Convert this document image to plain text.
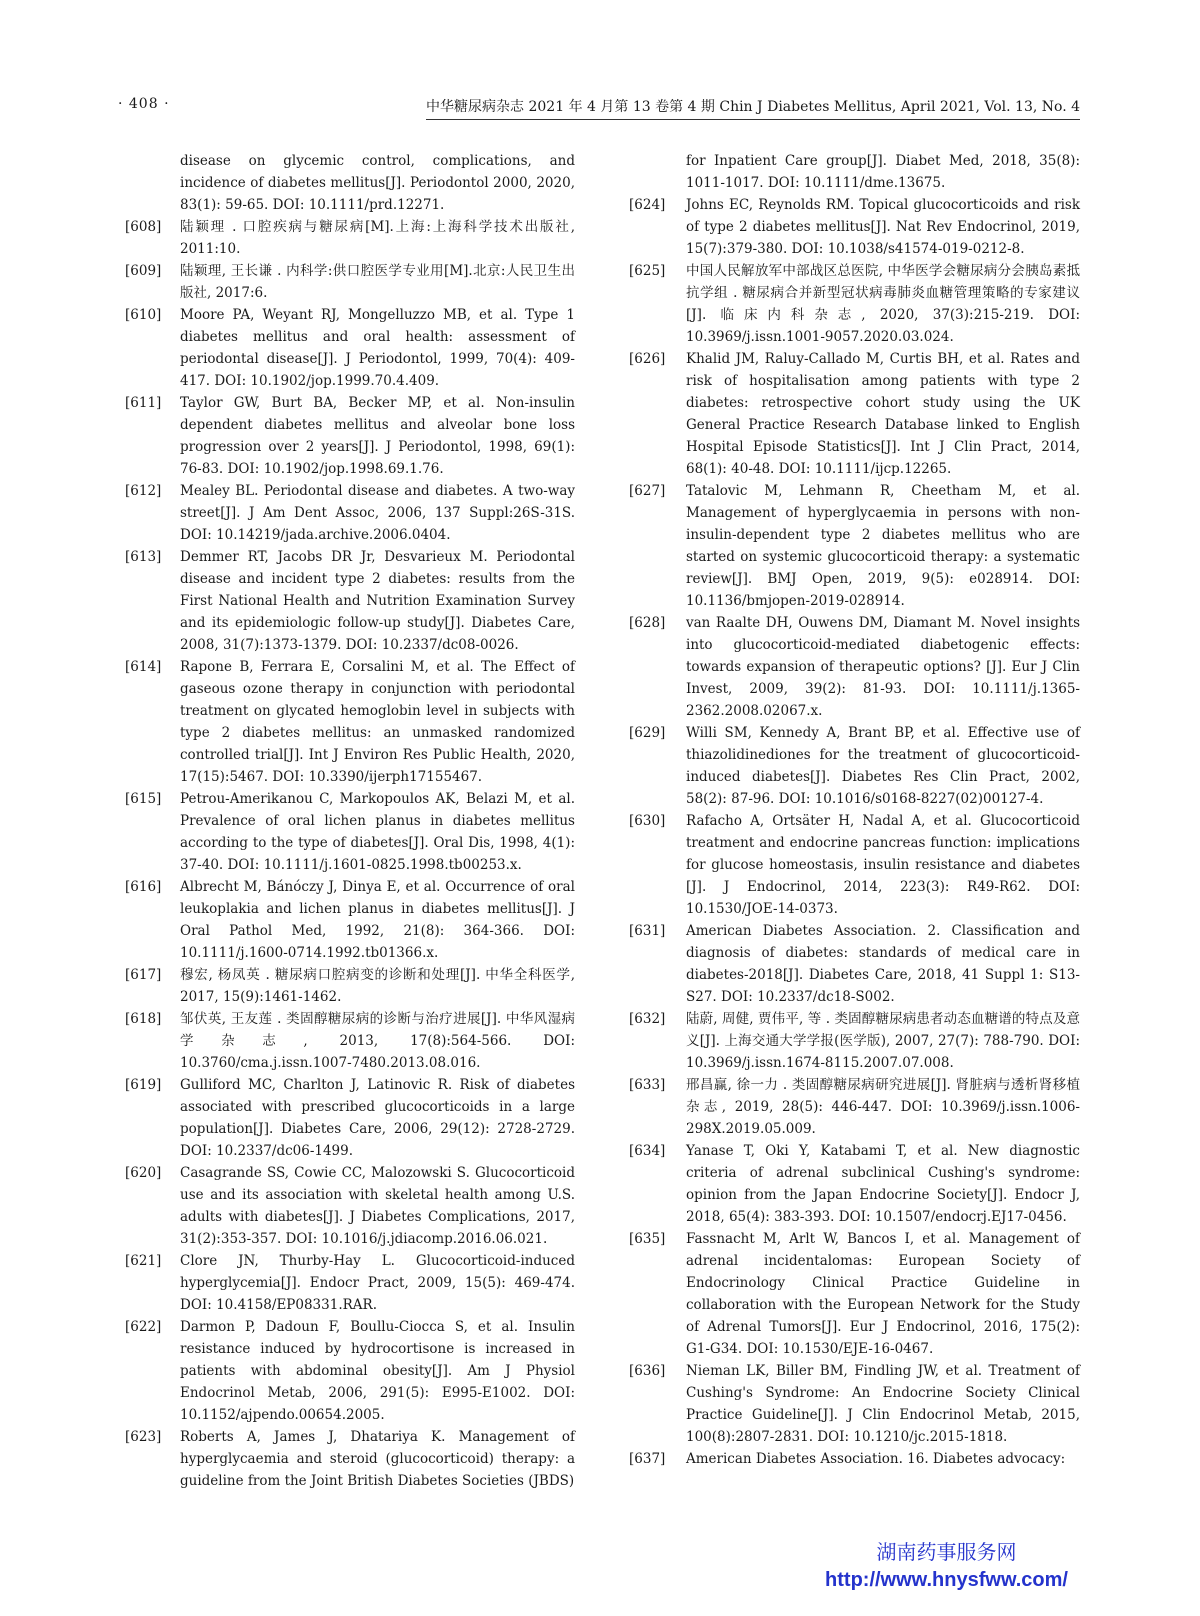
· 408 ·	中华糖尿病杂志 2021 年 4 月第 13 卷第 4 期 Chin J Diabetes Mellitus, April 2021, Vol. 13, No. 4
disease on glycemic control, complications, and incidence of diabetes mellitus[J]. Periodontol 2000, 2020, 83(1): 59-65. DOI: 10.1111/prd.12271.
[608] 陆颖理 . 口腔疾病与糖尿病[M].上海:上海科学技术出版社, 2011:10.
[609] 陆颖理, 王长谦 . 内科学:供口腔医学专业用[M].北京:人民卫生出版社, 2017:6.
[610] Moore PA, Weyant RJ, Mongelluzzo MB, et al. Type 1 diabetes mellitus and oral health: assessment of periodontal disease[J]. J Periodontol, 1999, 70(4): 409-417. DOI: 10.1902/jop.1999.70.4.409.
[611] Taylor GW, Burt BA, Becker MP, et al. Non-insulin dependent diabetes mellitus and alveolar bone loss progression over 2 years[J]. J Periodontol, 1998, 69(1): 76-83. DOI: 10.1902/jop.1998.69.1.76.
[612] Mealey BL. Periodontal disease and diabetes. A two-way street[J]. J Am Dent Assoc, 2006, 137 Suppl:26S-31S. DOI: 10.14219/jada.archive.2006.0404.
[613] Demmer RT, Jacobs DR Jr, Desvarieux M. Periodontal disease and incident type 2 diabetes: results from the First National Health and Nutrition Examination Survey and its epidemiologic follow-up study[J]. Diabetes Care, 2008, 31(7):1373-1379. DOI: 10.2337/dc08-0026.
[614] Rapone B, Ferrara E, Corsalini M, et al. The Effect of gaseous ozone therapy in conjunction with periodontal treatment on glycated hemoglobin level in subjects with type 2 diabetes mellitus: an unmasked randomized controlled trial[J]. Int J Environ Res Public Health, 2020, 17(15):5467. DOI: 10.3390/ijerph17155467.
[615] Petrou-Amerikanou C, Markopoulos AK, Belazi M, et al. Prevalence of oral lichen planus in diabetes mellitus according to the type of diabetes[J]. Oral Dis, 1998, 4(1): 37-40. DOI: 10.1111/j.1601-0825.1998.tb00253.x.
[616] Albrecht M, Bánóczy J, Dinya E, et al. Occurrence of oral leukoplakia and lichen planus in diabetes mellitus[J]. J Oral Pathol Med, 1992, 21(8): 364-366. DOI: 10.1111/j.1600-0714.1992.tb01366.x.
[617] 穆宏, 杨凤英 . 糖尿病口腔病变的诊断和处理[J]. 中华全科医学, 2017, 15(9):1461-1462.
[618] 邹伏英, 王友莲 . 类固醇糖尿病的诊断与治疗进展[J]. 中华风湿病学杂志, 2013, 17(8):564-566. DOI: 10.3760/cma.j.issn.1007-7480.2013.08.016.
[619] Gulliford MC, Charlton J, Latinovic R. Risk of diabetes associated with prescribed glucocorticoids in a large population[J]. Diabetes Care, 2006, 29(12): 2728-2729. DOI: 10.2337/dc06-1499.
[620] Casagrande SS, Cowie CC, Malozowski S. Glucocorticoid use and its association with skeletal health among U.S. adults with diabetes[J]. J Diabetes Complications, 2017, 31(2):353-357. DOI: 10.1016/j.jdiacomp.2016.06.021.
[621] Clore JN, Thurby-Hay L. Glucocorticoid-induced hyperglycemia[J]. Endocr Pract, 2009, 15(5): 469-474. DOI: 10.4158/EP08331.RAR.
[622] Darmon P, Dadoun F, Boullu-Ciocca S, et al. Insulin resistance induced by hydrocortisone is increased in patients with abdominal obesity[J]. Am J Physiol Endocrinol Metab, 2006, 291(5): E995-E1002. DOI: 10.1152/ajpendo.00654.2005.
[623] Roberts A, James J, Dhatariya K. Management of hyperglycaemia and steroid (glucocorticoid) therapy: a guideline from the Joint British Diabetes Societies (JBDS)
for Inpatient Care group[J]. Diabet Med, 2018, 35(8): 1011-1017. DOI: 10.1111/dme.13675.
[624] Johns EC, Reynolds RM. Topical glucocorticoids and risk of type 2 diabetes mellitus[J]. Nat Rev Endocrinol, 2019, 15(7):379-380. DOI: 10.1038/s41574-019-0212-8.
[625] 中国人民解放军中部战区总医院, 中华医学会糖尿病分会胰岛素抵抗学组 . 糖尿病合并新型冠状病毒肺炎血糖管理策略的专家建议[J]. 临床内科杂志, 2020, 37(3):215-219. DOI: 10.3969/j.issn.1001-9057.2020.03.024.
[626] Khalid JM, Raluy-Callado M, Curtis BH, et al. Rates and risk of hospitalisation among patients with type 2 diabetes: retrospective cohort study using the UK General Practice Research Database linked to English Hospital Episode Statistics[J]. Int J Clin Pract, 2014, 68(1): 40-48. DOI: 10.1111/ijcp.12265.
[627] Tatalovic M, Lehmann R, Cheetham M, et al. Management of hyperglycaemia in persons with non-insulin-dependent type 2 diabetes mellitus who are started on systemic glucocorticoid therapy: a systematic review[J]. BMJ Open, 2019, 9(5): e028914. DOI: 10.1136/bmjopen-2019-028914.
[628] van Raalte DH, Ouwens DM, Diamant M. Novel insights into glucocorticoid-mediated diabetogenic effects: towards expansion of therapeutic options? [J]. Eur J Clin Invest, 2009, 39(2): 81-93. DOI: 10.1111/j.1365-2362.2008.02067.x.
[629] Willi SM, Kennedy A, Brant BP, et al. Effective use of thiazolidinediones for the treatment of glucocorticoid-induced diabetes[J]. Diabetes Res Clin Pract, 2002, 58(2): 87-96. DOI: 10.1016/s0168-8227(02)00127-4.
[630] Rafacho A, Ortsäter H, Nadal A, et al. Glucocorticoid treatment and endocrine pancreas function: implications for glucose homeostasis, insulin resistance and diabetes [J]. J Endocrinol, 2014, 223(3): R49-R62. DOI: 10.1530/JOE-14-0373.
[631] American Diabetes Association. 2. Classification and diagnosis of diabetes: standards of medical care in diabetes-2018[J]. Diabetes Care, 2018, 41 Suppl 1: S13-S27. DOI: 10.2337/dc18-S002.
[632] 陆蔚, 周健, 贾伟平, 等 . 类固醇糖尿病患者动态血糖谱的特点及意义[J]. 上海交通大学学报(医学版), 2007, 27(7): 788-790. DOI: 10.3969/j.issn.1674-8115.2007.07.008.
[633] 邢昌赢, 徐一力 . 类固醇糖尿病研究进展[J]. 肾脏病与透析肾移植杂志, 2019, 28(5): 446-447. DOI: 10.3969/j.issn.1006-298X.2019.05.009.
[634] Yanase T, Oki Y, Katabami T, et al. New diagnostic criteria of adrenal subclinical Cushing's syndrome: opinion from the Japan Endocrine Society[J]. Endocr J, 2018, 65(4): 383-393. DOI: 10.1507/endocrj.EJ17-0456.
[635] Fassnacht M, Arlt W, Bancos I, et al. Management of adrenal incidentalomas: European Society of Endocrinology Clinical Practice Guideline in collaboration with the European Network for the Study of Adrenal Tumors[J]. Eur J Endocrinol, 2016, 175(2): G1-G34. DOI: 10.1530/EJE-16-0467.
[636] Nieman LK, Biller BM, Findling JW, et al. Treatment of Cushing's Syndrome: An Endocrine Society Clinical Practice Guideline[J]. J Clin Endocrinol Metab, 2015, 100(8):2807-2831. DOI: 10.1210/jc.2015-1818.
[637] American Diabetes Association. 16. Diabetes advocacy:
湖南药事服务网
http://www.hnysfww.com/
